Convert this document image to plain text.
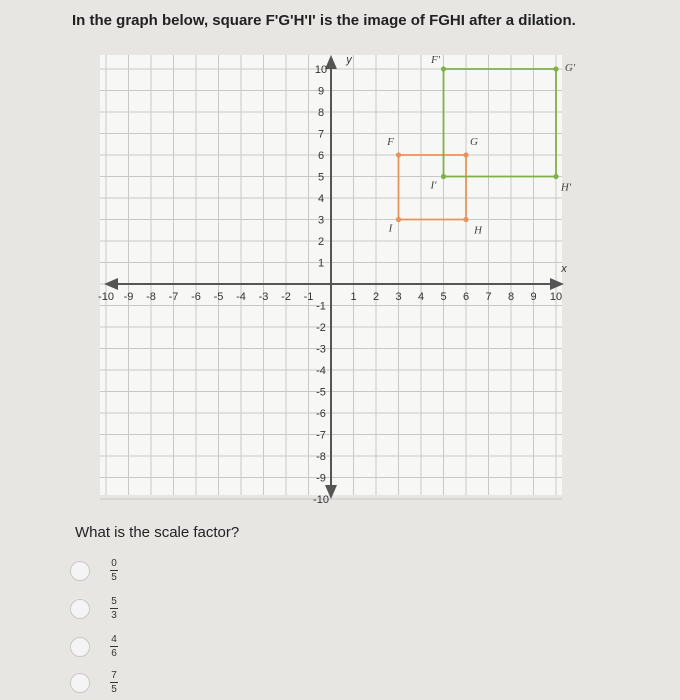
In the graph below, square F'G'H'I' is the image of FGHI after a dilation.
x
y
-10 -9 -8 -7 -6 -5 -4 -3 -2 -1	1 2 3 4 5 6 7 8 9 10
10
9
8
7
6
5
4
3
2
1
-1
-2
-3
-4
-5
-6
-7
-8
-9
-10
F	G
H
I
F'
G'
H'
I'
What is the scale factor?
$\frac{0}{5}$
$\frac{5}{3}$
$\frac{4}{6}$
$\frac{7}{5}$
